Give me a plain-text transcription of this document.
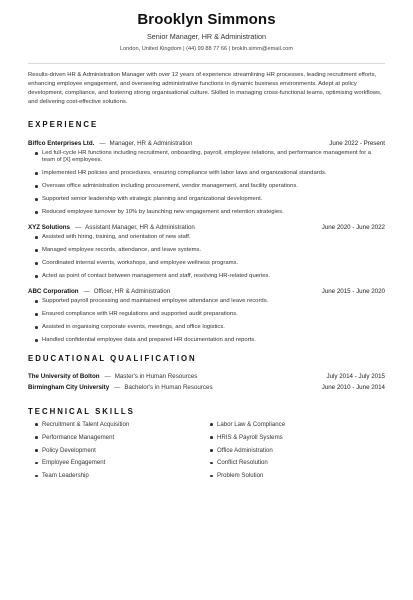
Brooklyn Simmons
Senior Manager, HR & Administration
London, United Kingdom | (44) 99 88 77 66 | brokln.simm@email.com

Results-driven HR & Administration Manager with over 12 years of experience streamlining HR processes, leading recruitment efforts, enhancing employee engagement, and overseeing administrative functions in dynamic business environments. Adept at policy development, compliance, and fostering strong organisational culture. Skilled in managing cross-functional teams, optimising workflows, and delivering cost-effective solutions.

EXPERIENCE
Biffco Enterprises Ltd. — Manager, HR & Administration	June 2022 - Present
Led full-cycle HR functions including recruitment, onboarding, payroll, employee relations, and performance management for a team of [X] employees.
Implemented HR policies and procedures, ensuring compliance with labor laws and organizational standards.
Oversaw office administration including procurement, vendor management, and facility operations.
Supported senior leadership with strategic planning and organizational development.
Reduced employee turnover by 10% by launching new engagement and retention strategies.
XYZ Solutions — Assistant Manager, HR & Administration	June 2020 - June 2022
Assisted with hiring, training, and orientation of new staff.
Managed employee records, attendance, and leave systems.
Coordinated internal events, workshops, and employee wellness programs.
Acted as point of contact between management and staff, resolving HR-related queries.
ABC Corporation — Officer, HR & Administration	June 2015 - June 2020
Supported payroll processing and maintained employee attendance and leave records.
Ensured compliance with HR regulations and supported audit preparations.
Assisted in organising corporate events, meetings, and office logistics.
Handled confidential employee data and prepared HR documentation and reports.
EDUCATIONAL QUALIFICATION
The University of Bolton — Master's in Human Resources	July 2014 - July 2015
Birmingham City University — Bachelor's in Human Resources	June 2010 - June 2014
TECHNICAL SKILLS
Recruitment & Talent Acquisition
Performance Management
Policy Development
Employee Engagement
Team Leadership
Labor Law & Compliance
HRIS & Payroll Systems
Office Administration
Conflict Resolution
Problem Solution
